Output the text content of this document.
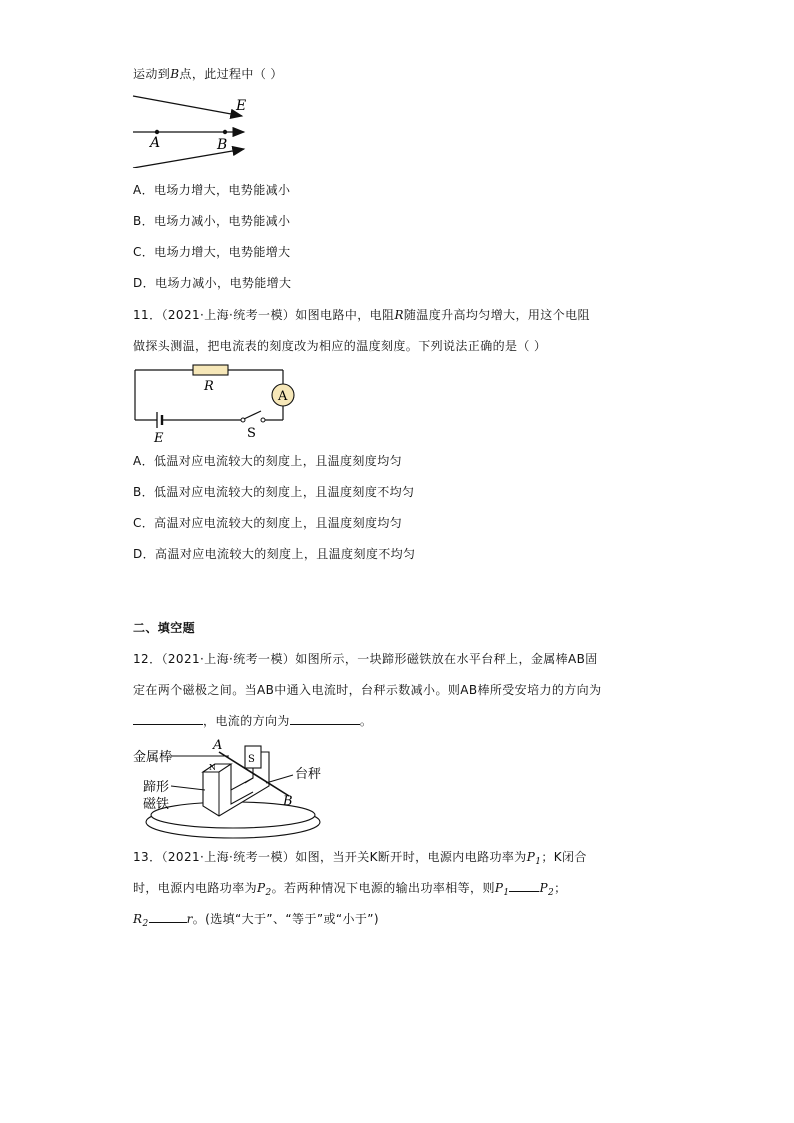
运动到B点，此过程中（ ）
E
A	B
A．电场力增大，电势能减小
B．电场力减小，电势能减小
C．电场力增大，电势能增大
D．电场力减小，电势能增大
11．（2021·上海·统考一模）如图电路中，电阻R随温度升高均匀增大，用这个电阻
做探头测温，把电流表的刻度改为相应的温度刻度。下列说法正确的是（ ）
A
R
E	S
A．低温对应电流较大的刻度上，且温度刻度均匀
B．低温对应电流较大的刻度上，且温度刻度不均匀
C．高温对应电流较大的刻度上，且温度刻度均匀
D．高温对应电流较大的刻度上，且温度刻度不均匀
二、填空题
12．（2021·上海·统考一模）如图所示，一块蹄形磁铁放在水平台秤上，金属棒AB固
定在两个磁极之间。当AB中通入电流时，台秤示数减小。则AB棒所受安培力的方向为
，电流的方向为	。
S
N
金属棒
A
台秤
蹄形
磁铁	B
13．（2021·上海·统考一模）如图，当开关K断开时，电源内电路功率为$P_1$；K闭合
时，电源内电路功率为$P_2$。若两种情况下电源的输出功率相等，则$P_1$	$P_2$；
$R_2$	r。(选填“大于”、“等于”或“小于”)
